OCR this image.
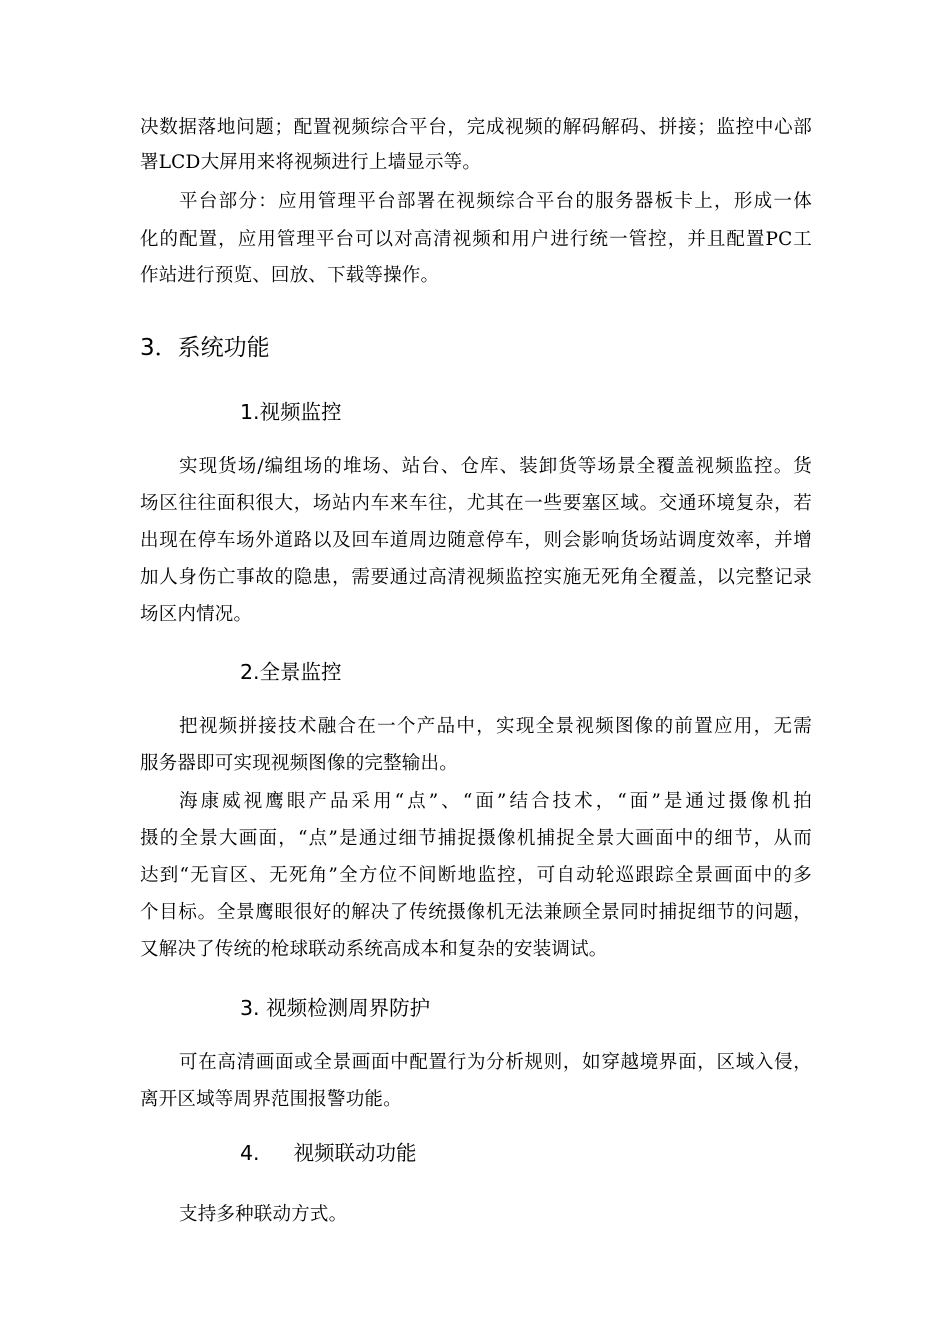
决数据落地问题；配置视频综合平台，完成视频的解码解码、拼接；监控中心部
署LCD大屏用来将视频进行上墙显示等。
平台部分：应用管理平台部署在视频综合平台的服务器板卡上，形成一体
化的配置，应用管理平台可以对高清视频和用户进行统一管控，并且配置PC工
作站进行预览、回放、下载等操作。
3．系统功能
1.视频监控
实现货场/编组场的堆场、站台、仓库、装卸货等场景全覆盖视频监控。货
场区往往面积很大，场站内车来车往，尤其在一些要塞区域。交通环境复杂，若
出现在停车场外道路以及回车道周边随意停车，则会影响货场站调度效率，并增
加人身伤亡事故的隐患，需要通过高清视频监控实施无死角全覆盖，以完整记录
场区内情况。
2.全景监控
把视频拼接技术融合在一个产品中，实现全景视频图像的前置应用，无需
服务器即可实现视频图像的完整输出。
海康威视鹰眼产品采用“点”、“面”结合技术，“面”是通过摄像机拍
摄的全景大画面，“点”是通过细节捕捉摄像机捕捉全景大画面中的细节，从而
达到“无盲区、无死角”全方位不间断地监控，可自动轮巡跟踪全景画面中的多
个目标。全景鹰眼很好的解决了传统摄像机无法兼顾全景同时捕捉细节的问题，
又解决了传统的枪球联动系统高成本和复杂的安装调试。
3. 视频检测周界防护
可在高清画面或全景画面中配置行为分析规则，如穿越境界面，区域入侵，
离开区域等周界范围报警功能。
4. 视频联动功能
支持多种联动方式。
